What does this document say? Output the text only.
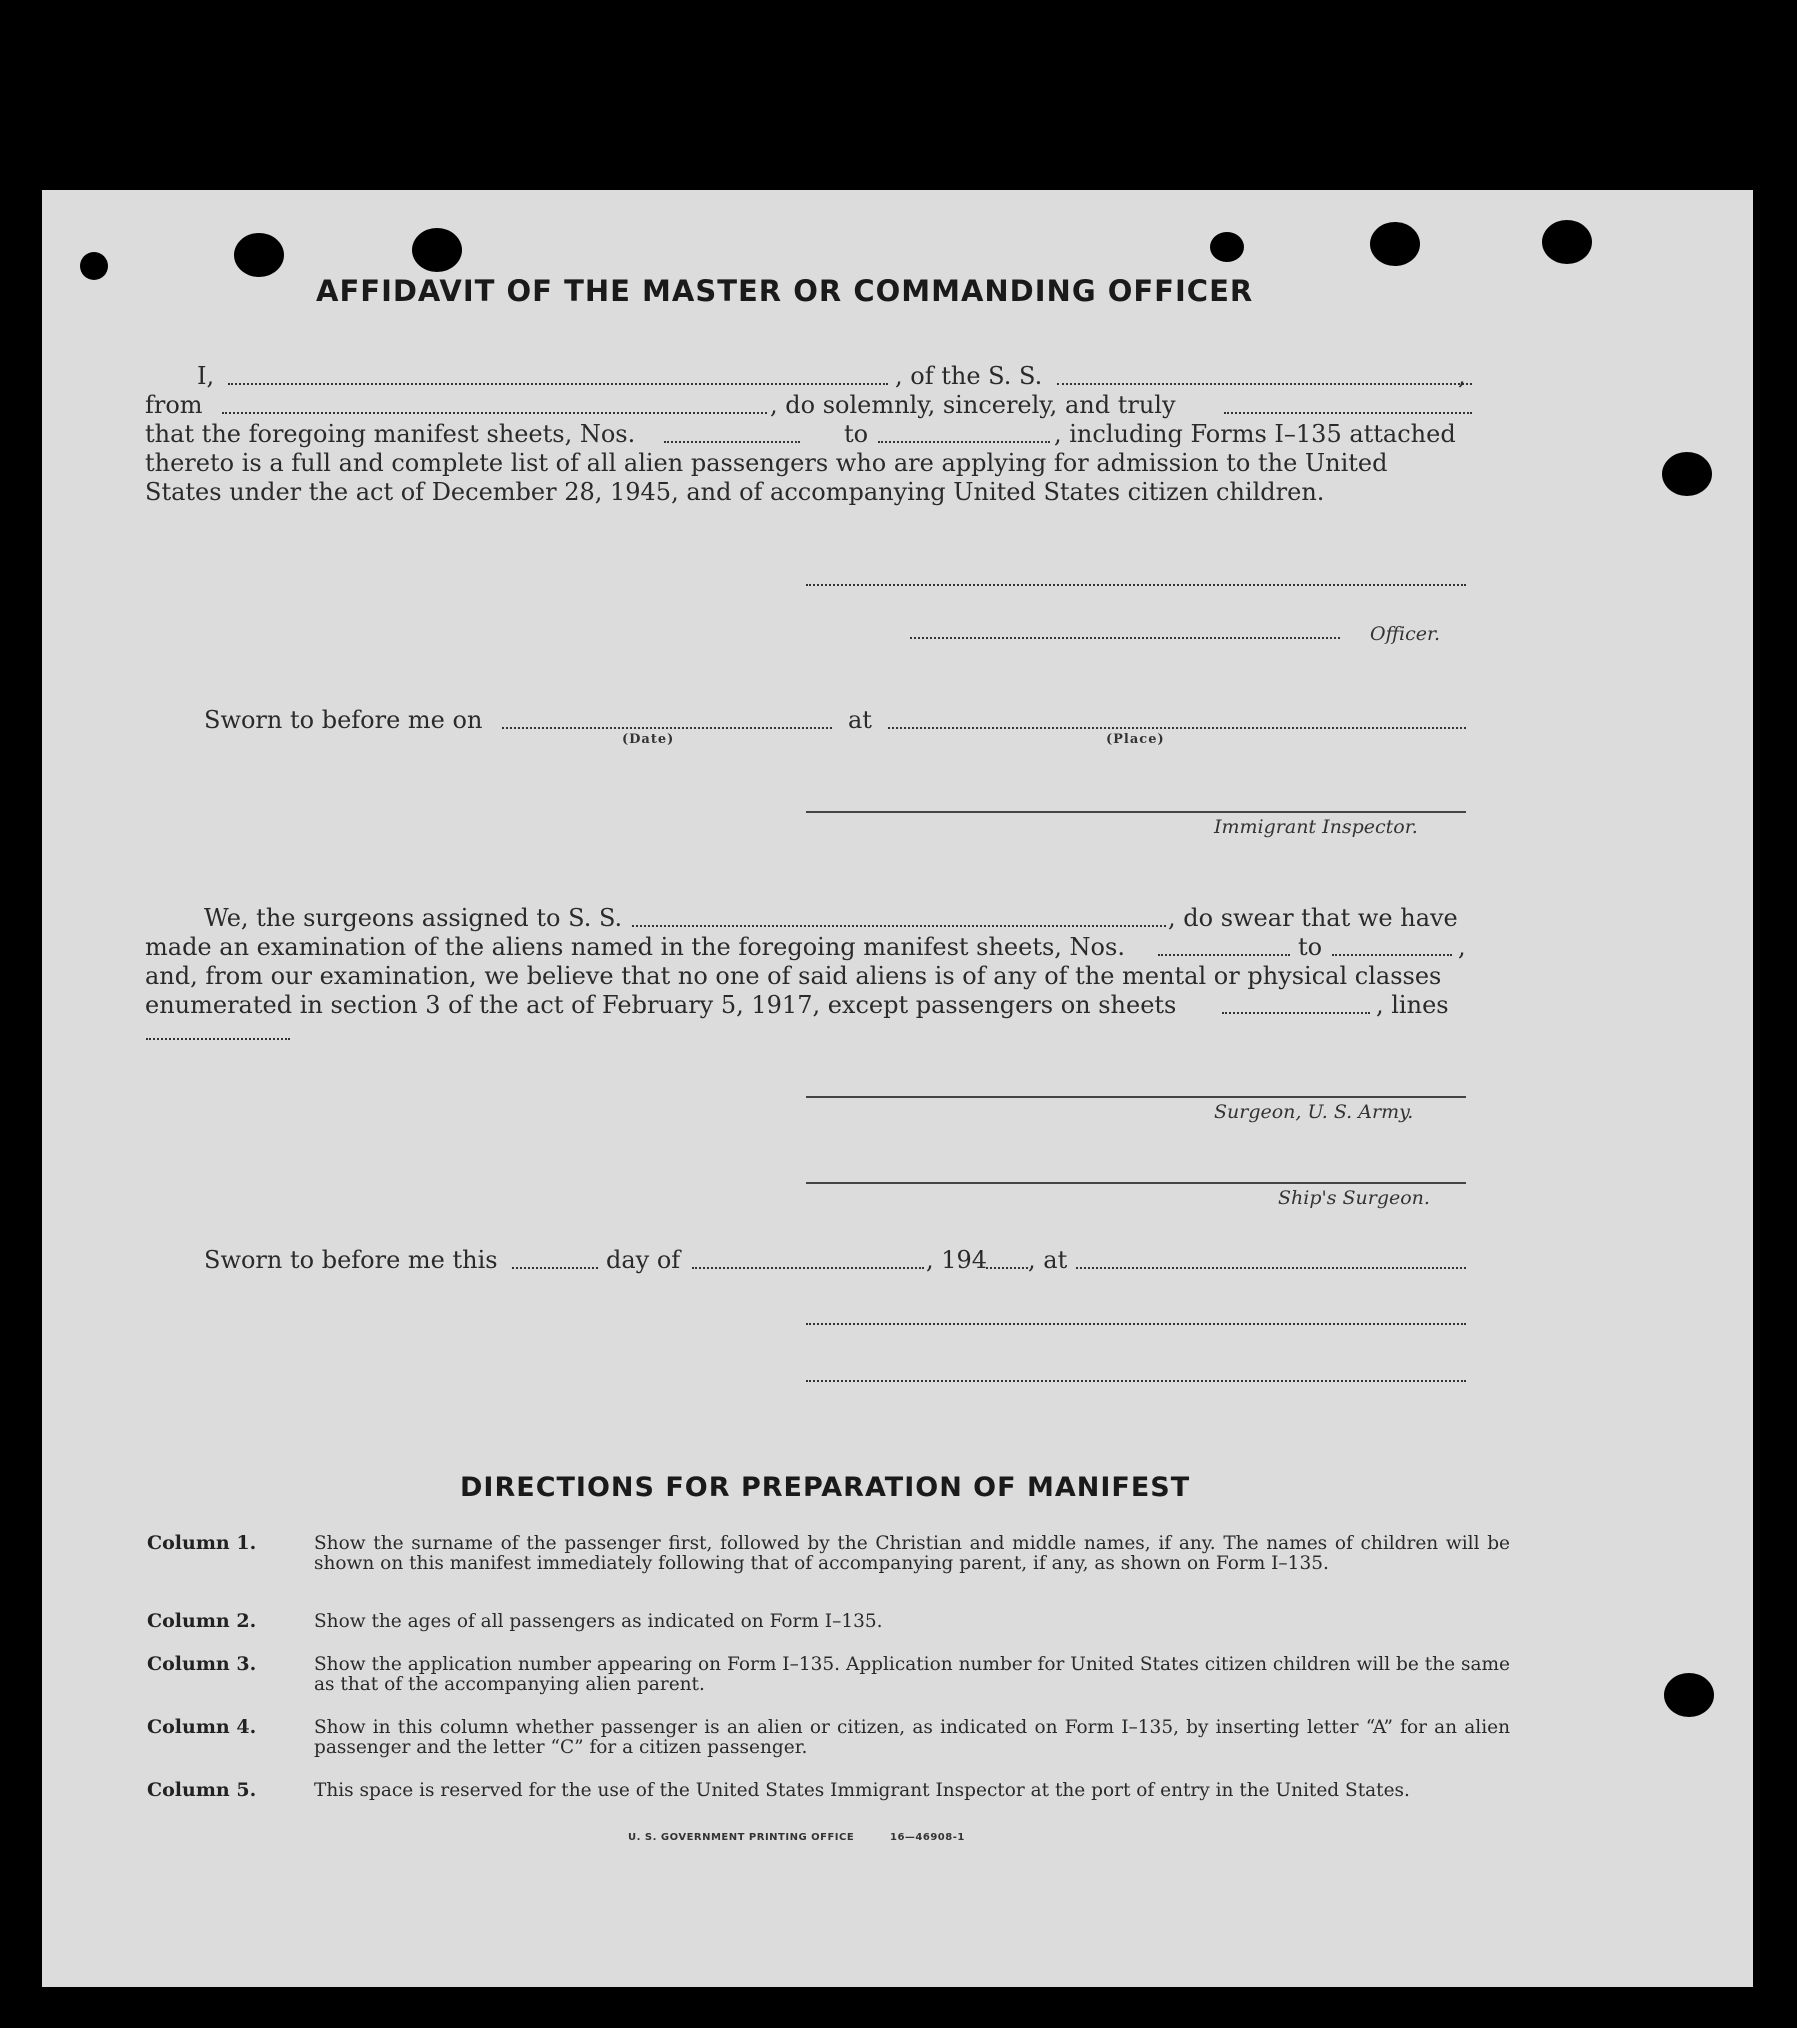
AFFIDAVIT OF THE MASTER OR COMMANDING OFFICER
I,	, of the S. S.	,
from	, do solemnly, sincerely, and truly
that the foregoing manifest sheets, Nos.	to	, including Forms I–135 attached
thereto is a full and complete list of all alien passengers who are applying for admission to the United
States under the act of December 28, 1945, and of accompanying United States citizen children.
Officer.
Sworn to before me on	at
(Date)	(Place)
Immigrant Inspector.
We, the surgeons assigned to S. S.	, do swear that we have
made an examination of the aliens named in the foregoing manifest sheets, Nos.	to	,
and, from our examination, we believe that no one of said aliens is of any of the mental or physical classes
enumerated in section 3 of the act of February 5, 1917, except passengers on sheets	, lines
Surgeon, U. S. Army.
Ship's Surgeon.
Sworn to before me this	day of	, 194 , at
DIRECTIONS FOR PREPARATION OF MANIFEST
Column 1.	Show the surname of the passenger first, followed by the Christian and middle names, if any. The names of children will be shown on this manifest immediately following that of accompanying parent, if any, as shown on Form I–135.
Column 2.	Show the ages of all passengers as indicated on Form I–135.
Column 3.	Show the application number appearing on Form I–135. Application number for United States citizen children will be the same as that of the accompanying alien parent.
Column 4.	Show in this column whether passenger is an alien or citizen, as indicated on Form I–135, by inserting letter “A” for an alien passenger and the letter “C” for a citizen passenger.
Column 5.	This space is reserved for the use of the United States Immigrant Inspector at the port of entry in the United States.
U. S. GOVERNMENT PRINTING OFFICE	16—46908-1
